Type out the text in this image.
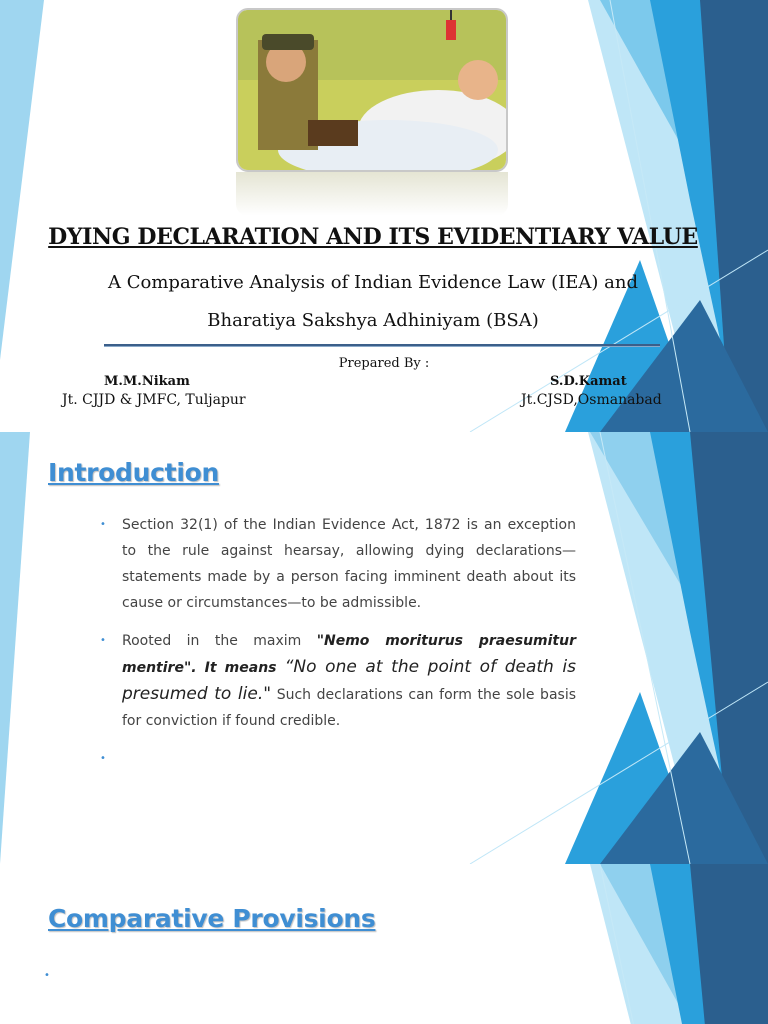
DYING DECLARATION AND ITS EVIDENTIARY VALUE
A Comparative Analysis of Indian Evidence Law (IEA) and
Bharatiya Sakshya Adhiniyam (BSA)
Prepared By :
M.M.Nikam
Jt. CJJD & JMFC, Tuljapur
S.D.Kamat
Jt.CJSD,Osmanabad
Introduction
• Section 32(1) of the Indian Evidence Act, 1872 is an exception to the rule against hearsay, allowing dying declarations—statements made by a person facing imminent death about its cause or circumstances—to be admissible.
• Rooted in the maxim "Nemo moriturus praesumitur mentire". It means “No one at the point of death is presumed to lie." Such declarations can form the sole basis for conviction if found credible.
•
Comparative Provisions
•
